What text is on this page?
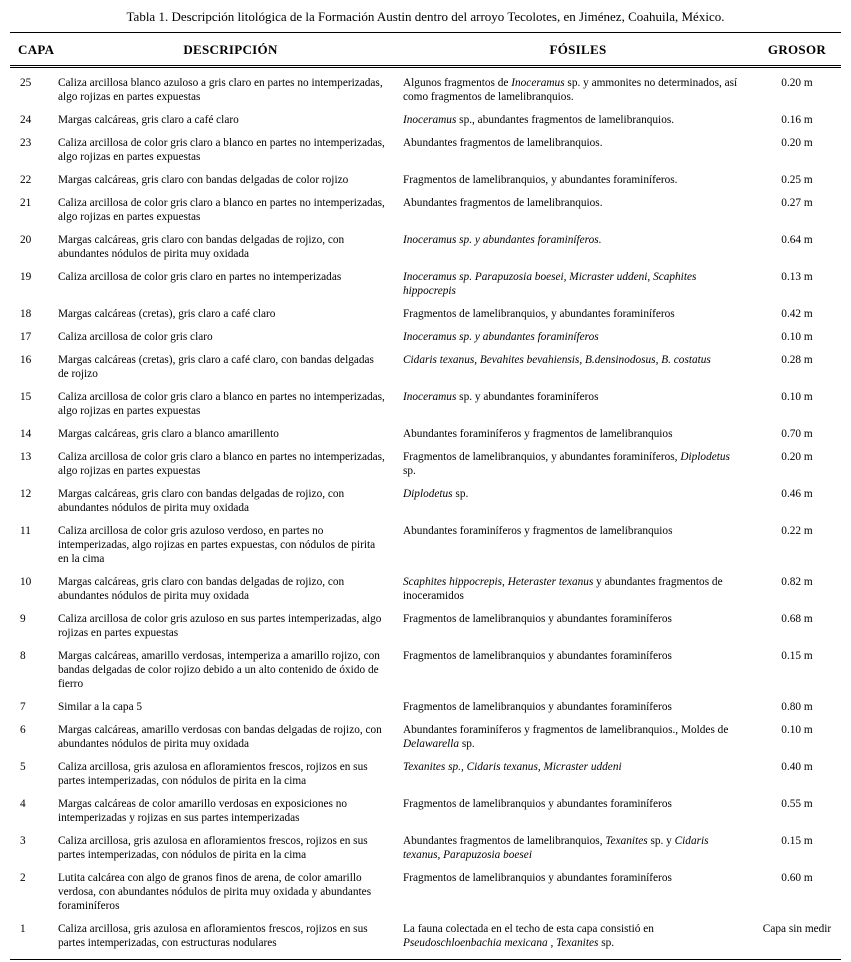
Tabla 1. Descripción litológica de la Formación Austin dentro del arroyo Tecolotes, en Jiménez, Coahuila, México.
CAPA	DESCRIPCIÓN	FÓSILES	GROSOR
25	Caliza arcillosa blanco azuloso a gris claro en partes no intemperizadas, algo rojizas en partes expuestas	Algunos fragmentos de Inoceramus sp. y ammonites no determinados, así como fragmentos de lamelibranquios.	0.20 m
24	Margas calcáreas, gris claro a café claro	Inoceramus sp., abundantes fragmentos de lamelibranquios.	0.16 m
23	Caliza arcillosa de color gris claro a blanco en partes no intemperizadas, algo rojizas en partes expuestas	Abundantes fragmentos de lamelibranquios.	0.20 m
22	Margas calcáreas, gris claro con bandas delgadas de color rojizo	Fragmentos de lamelibranquios, y abundantes foraminíferos.	0.25 m
21	Caliza arcillosa de color gris claro a blanco en partes no intemperizadas, algo rojizas en partes expuestas	Abundantes fragmentos de lamelibranquios.	0.27 m
20	Margas calcáreas, gris claro con bandas delgadas de rojizo, con abundantes nódulos de pirita muy oxidada	Inoceramus sp. y abundantes foraminíferos.	0.64 m
19	Caliza arcillosa de color gris claro en partes no intemperizadas	Inoceramus sp. Parapuzosia boesei, Micraster uddeni, Scaphites hippocrepis	0.13 m
18	Margas calcáreas (cretas), gris claro a café claro	Fragmentos de lamelibranquios, y abundantes foraminíferos	0.42 m
17	Caliza arcillosa de color gris claro	Inoceramus sp. y abundantes foraminíferos	0.10 m
16	Margas calcáreas (cretas), gris claro a café claro, con bandas delgadas de rojizo	Cidaris texanus, Bevahites bevahiensis, B.densinodosus, B. costatus	0.28 m
15	Caliza arcillosa de color gris claro a blanco en partes no intemperizadas, algo rojizas en partes expuestas	Inoceramus sp. y abundantes foraminíferos	0.10 m
14	Margas calcáreas, gris claro a blanco amarillento	Abundantes foraminíferos y fragmentos de lamelibranquios	0.70 m
13	Caliza arcillosa de color gris claro a blanco en partes no intemperizadas, algo rojizas en partes expuestas	Fragmentos de lamelibranquios, y abundantes foraminíferos, Diplodetus sp.	0.20 m
12	Margas calcáreas, gris claro con bandas delgadas de rojizo, con abundantes nódulos de pirita muy oxidada	Diplodetus sp.	0.46 m
11	Caliza arcillosa de color gris azuloso verdoso, en partes no intemperizadas, algo rojizas en partes expuestas, con nódulos de pirita en la cima	Abundantes foraminíferos y fragmentos de lamelibranquios	0.22 m
10	Margas calcáreas, gris claro con bandas delgadas de rojizo, con abundantes nódulos de pirita muy oxidada	Scaphites hippocrepis, Heteraster texanus y abundantes fragmentos de inoceramidos	0.82 m
9	Caliza arcillosa de color gris azuloso en sus partes intemperizadas, algo rojizas en partes expuestas	Fragmentos de lamelibranquios y abundantes foraminíferos	0.68 m
8	Margas calcáreas, amarillo verdosas, intemperiza a amarillo rojizo, con bandas delgadas de color rojizo debido a un alto contenido de óxido de fierro	Fragmentos de lamelibranquios y abundantes foraminíferos	0.15 m
7	Similar a la capa 5	Fragmentos de lamelibranquios y abundantes foraminíferos	0.80 m
6	Margas calcáreas, amarillo verdosas con bandas delgadas de rojizo, con abundantes nódulos de pirita muy oxidada	Abundantes foraminíferos y fragmentos de lamelibranquios., Moldes de Delawarella sp.	0.10 m
5	Caliza arcillosa, gris azulosa en afloramientos frescos, rojizos en sus partes intemperizadas, con nódulos de pirita en la cima	Texanites sp., Cidaris texanus, Micraster uddeni	0.40 m
4	Margas calcáreas de color amarillo verdosas en exposiciones no intemperizadas y rojizas en sus partes intemperizadas	Fragmentos de lamelibranquios y abundantes foraminíferos	0.55 m
3	Caliza arcillosa, gris azulosa en afloramientos frescos, rojizos en sus partes intemperizadas, con nódulos de pirita en la cima	Abundantes fragmentos de lamelibranquios, Texanites sp. y Cidaris texanus, Parapuzosia boesei	0.15 m
2	Lutita calcárea con algo de granos finos de arena, de color amarillo verdosa, con abundantes nódulos de pirita muy oxidada y abundantes foraminíferos	Fragmentos de lamelibranquios y abundantes foraminíferos	0.60 m
1	Caliza arcillosa, gris azulosa en afloramientos frescos, rojizos en sus partes intemperizadas, con estructuras nodulares	La fauna colectada en el techo de esta capa consistió en Pseudoschloenbachia mexicana , Texanites sp.	Capa sin medir
